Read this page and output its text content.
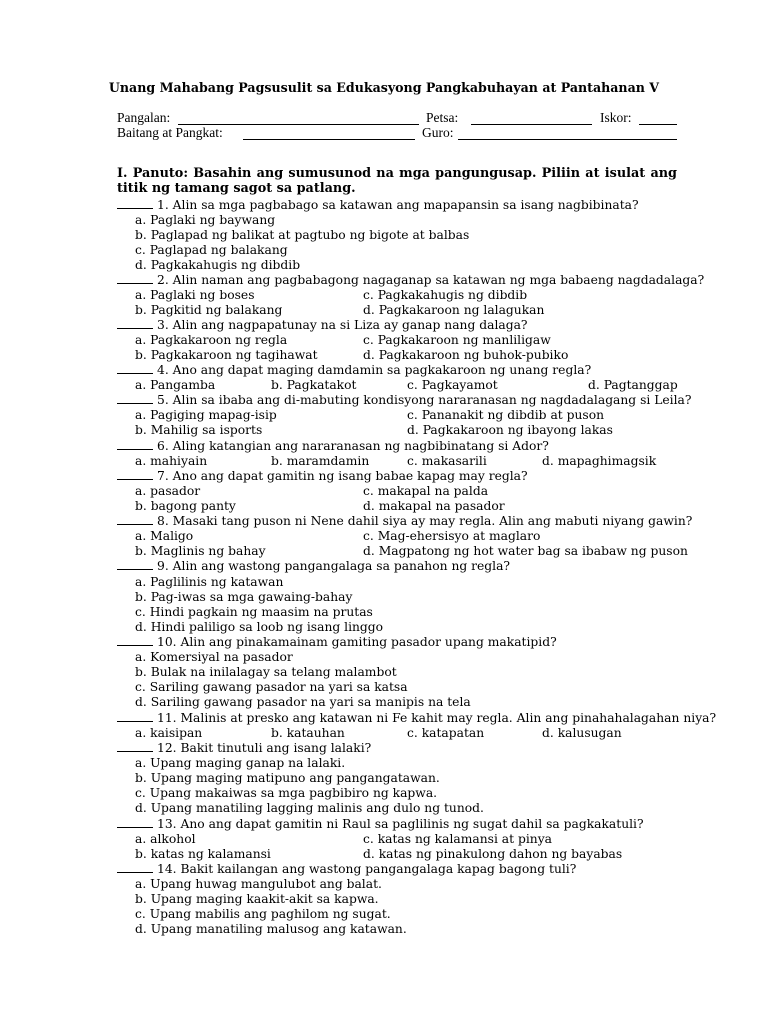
Unang Mahabang Pagsusulit sa Edukasyong Pangkabuhayan at Pantahanan V
Pangalan:	Petsa:	Iskor:
Baitang at Pangkat:	Guro:
I. Panuto: Basahin ang sumusunod na mga pangungusap. Piliin at isulat ang titik ng tamang sagot sa patlang.
1. Alin sa mga pagbabago sa katawan ang mapapansin sa isang nagbibinata?
a. Paglaki ng baywang
b. Paglapad ng balikat at pagtubo ng bigote at balbas
c. Paglapad ng balakang
d. Pagkakahugis ng dibdib
2. Alin naman ang pagbabagong nagaganap sa katawan ng mga babaeng nagdadalaga?
a. Paglaki ng boses	c. Pagkakahugis ng dibdib
b. Pagkitid ng balakang	d. Pagkakaroon ng lalagukan
3. Alin ang nagpapatunay na si Liza ay ganap nang dalaga?
a. Pagkakaroon ng regla	c. Pagkakaroon ng manliligaw
b. Pagkakaroon ng tagihawat	d. Pagkakaroon ng buhok-pubiko
4. Ano ang dapat maging damdamin sa pagkakaroon ng unang regla?
a. Pangamba	b. Pagkatakot	c. Pagkayamot	d. Pagtanggap
5. Alin sa ibaba ang di-mabuting kondisyong nararanasan ng nagdadalagang si Leila?
a. Pagiging mapag-isip	c. Pananakit ng dibdib at puson
b. Mahilig sa isports	d. Pagkakaroon ng ibayong lakas
6. Aling katangian ang nararanasan ng nagbibinatang si Ador?
a. mahiyain	b. maramdamin	c. makasarili	d. mapaghimagsik
7. Ano ang dapat gamitin ng isang babae kapag may regla?
a. pasador	c. makapal na palda
b. bagong panty	d. makapal na pasador
8. Masaki tang puson ni Nene dahil siya ay may regla. Alin ang mabuti niyang gawin?
a. Maligo	c. Mag-ehersisyo at maglaro
b. Maglinis ng bahay	d. Magpatong ng hot water bag sa ibabaw ng puson
9. Alin ang wastong pangangalaga sa panahon ng regla?
a. Paglilinis ng katawan
b. Pag-iwas sa mga gawaing-bahay
c. Hindi pagkain ng maasim na prutas
d. Hindi paliligo sa loob ng isang linggo
10. Alin ang pinakamainam gamiting pasador upang makatipid?
a. Komersiyal na pasador
b. Bulak na inilalagay sa telang malambot
c. Sariling gawang pasador na yari sa katsa
d. Sariling gawang pasador na yari sa manipis na tela
11. Malinis at presko ang katawan ni Fe kahit may regla. Alin ang pinahahalagahan niya?
a. kaisipan	b. katauhan	c. katapatan	d. kalusugan
12. Bakit tinutuli ang isang lalaki?
a. Upang maging ganap na lalaki.
b. Upang maging matipuno ang pangangatawan.
c. Upang makaiwas sa mga pagbibiro ng kapwa.
d. Upang manatiling lagging malinis ang dulo ng tunod.
13. Ano ang dapat gamitin ni Raul sa paglilinis ng sugat dahil sa pagkakatuli?
a. alkohol	c. katas ng kalamansi at pinya
b. katas ng kalamansi	d. katas ng pinakulong dahon ng bayabas
14. Bakit kailangan ang wastong pangangalaga kapag bagong tuli?
a. Upang huwag mangulubot ang balat.
b. Upang maging kaakit-akit sa kapwa.
c. Upang mabilis ang paghilom ng sugat.
d. Upang manatiling malusog ang katawan.
